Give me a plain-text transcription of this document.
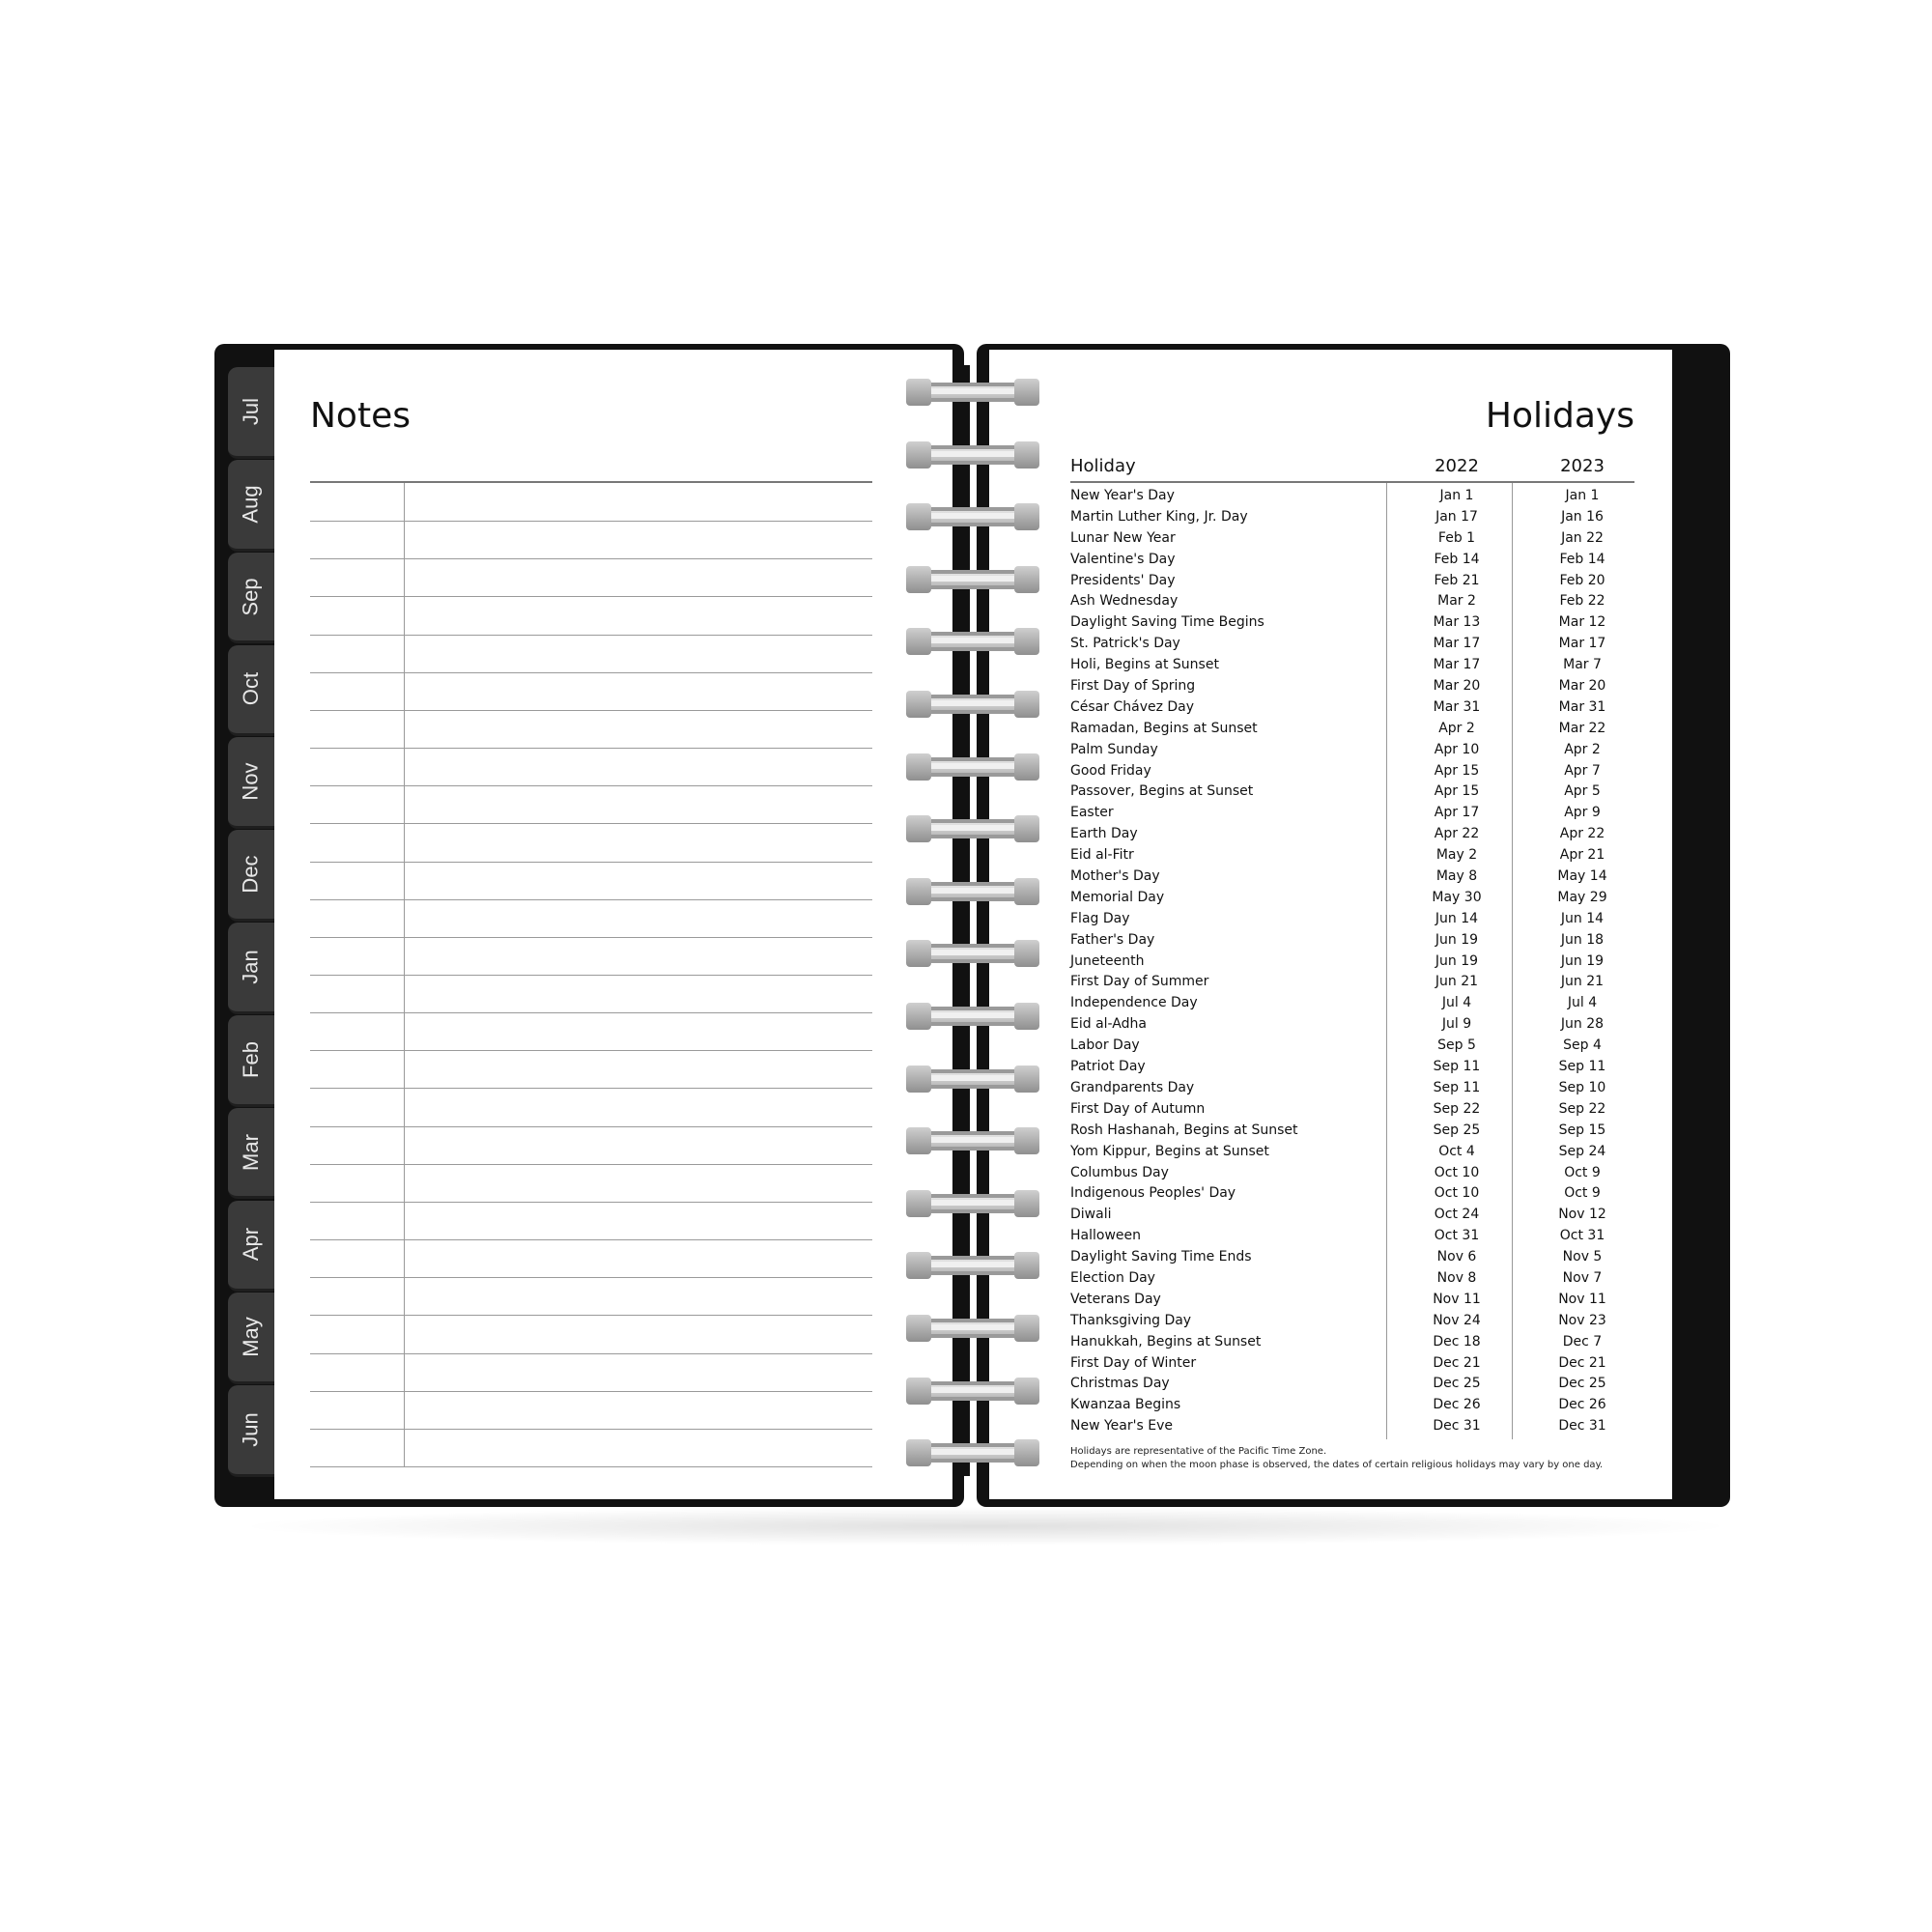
Jul
Aug
Sep
Oct
Nov
Dec
Jan
Feb
Mar
Apr
May
Jun
Notes	Holidays
Holiday	2022	2023
New Year's Day	Jan 1	Jan 1
Martin Luther King, Jr. Day	Jan 17	Jan 16
Lunar New Year	Feb 1	Jan 22
Valentine's Day	Feb 14	Feb 14
Presidents' Day	Feb 21	Feb 20
Ash Wednesday	Mar 2	Feb 22
Daylight Saving Time Begins	Mar 13	Mar 12
St. Patrick's Day	Mar 17	Mar 17
Holi, Begins at Sunset	Mar 17	Mar 7
First Day of Spring	Mar 20	Mar 20
César Chávez Day	Mar 31	Mar 31
Ramadan, Begins at Sunset	Apr 2	Mar 22
Palm Sunday	Apr 10	Apr 2
Good Friday	Apr 15	Apr 7
Passover, Begins at Sunset	Apr 15	Apr 5
Easter	Apr 17	Apr 9
Earth Day	Apr 22	Apr 22
Eid al-Fitr	May 2	Apr 21
Mother's Day	May 8	May 14
Memorial Day	May 30	May 29
Flag Day	Jun 14	Jun 14
Father's Day	Jun 19	Jun 18
Juneteenth	Jun 19	Jun 19
First Day of Summer	Jun 21	Jun 21
Independence Day	Jul 4	Jul 4
Eid al-Adha	Jul 9	Jun 28
Labor Day	Sep 5	Sep 4
Patriot Day	Sep 11	Sep 11
Grandparents Day	Sep 11	Sep 10
First Day of Autumn	Sep 22	Sep 22
Rosh Hashanah, Begins at Sunset	Sep 25	Sep 15
Yom Kippur, Begins at Sunset	Oct 4	Sep 24
Columbus Day	Oct 10	Oct 9
Indigenous Peoples' Day	Oct 10	Oct 9
Diwali	Oct 24	Nov 12
Halloween	Oct 31	Oct 31
Daylight Saving Time Ends	Nov 6	Nov 5
Election Day	Nov 8	Nov 7
Veterans Day	Nov 11	Nov 11
Thanksgiving Day	Nov 24	Nov 23
Hanukkah, Begins at Sunset	Dec 18	Dec 7
First Day of Winter	Dec 21	Dec 21
Christmas Day	Dec 25	Dec 25
Kwanzaa Begins	Dec 26	Dec 26
New Year's Eve	Dec 31	Dec 31
Holidays are representative of the Pacific Time Zone.
Depending on when the moon phase is observed, the dates of certain religious holidays may vary by one day.
